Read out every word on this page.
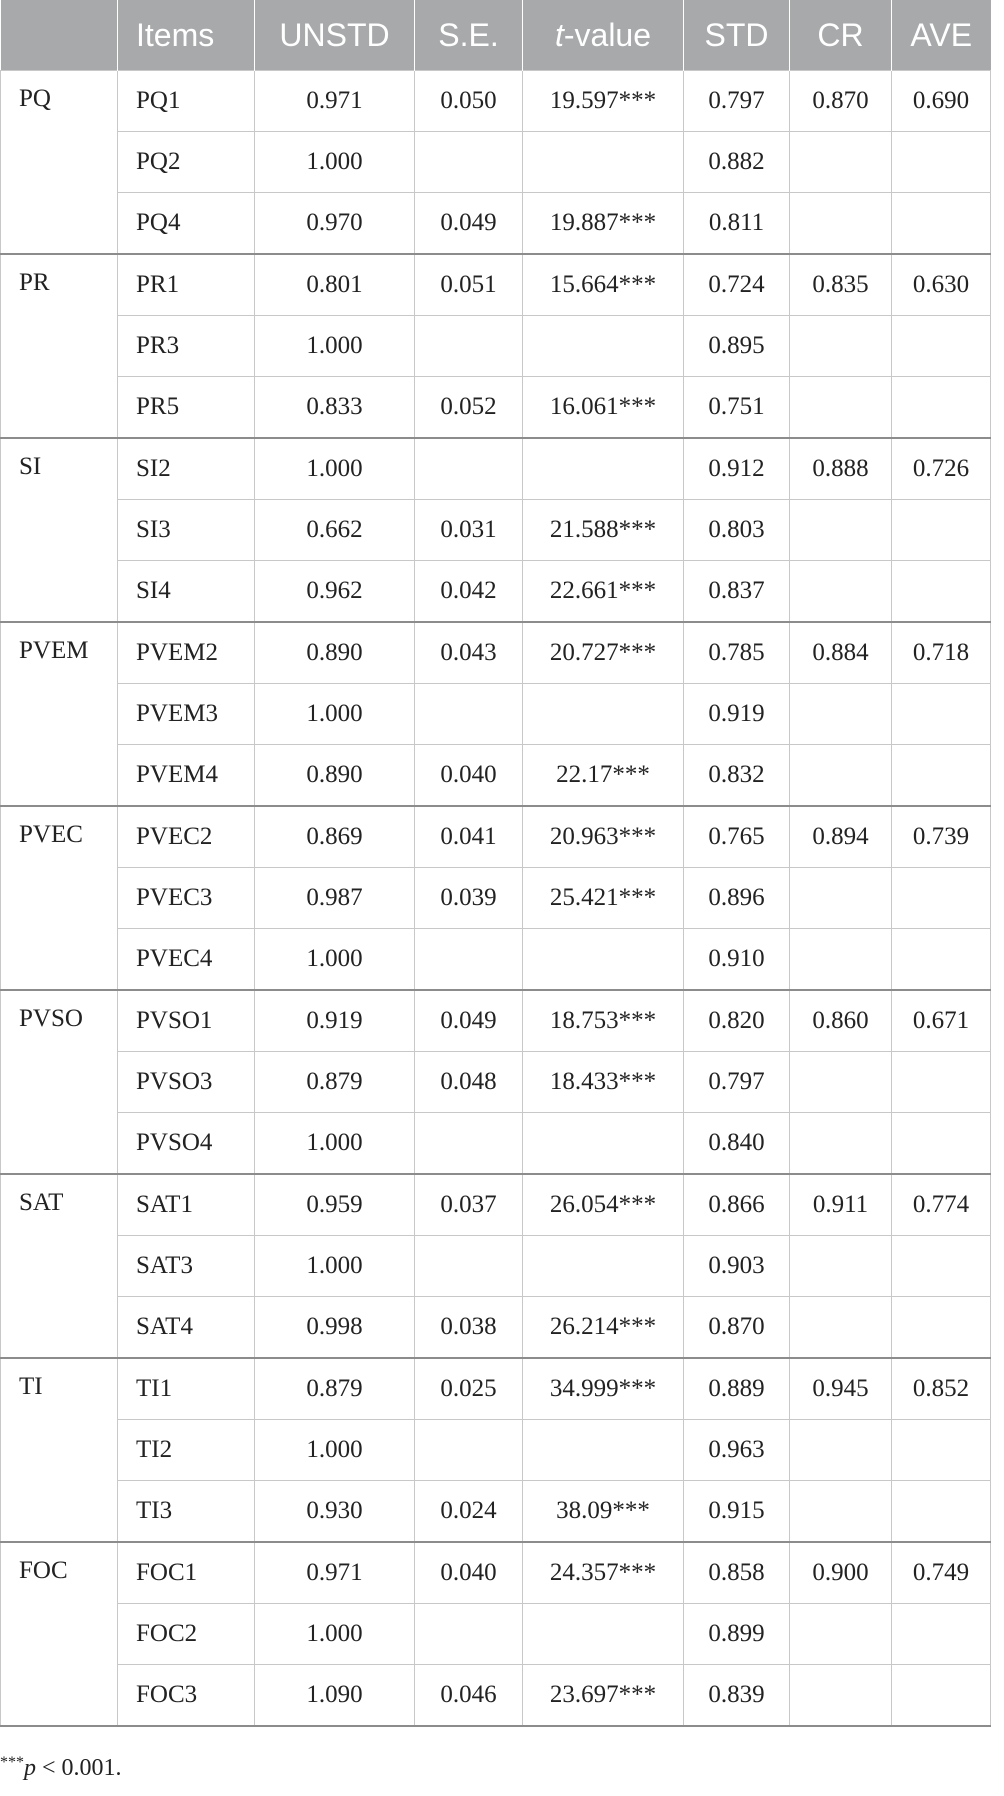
	Items	UNSTD	S.E.	t-value	STD	CR	AVE
PQ	PQ1	0.971	0.050	19.597***	0.797	0.870	0.690
	PQ2	1.000			0.882		
	PQ4	0.970	0.049	19.887***	0.811		
PR	PR1	0.801	0.051	15.664***	0.724	0.835	0.630
	PR3	1.000			0.895		
	PR5	0.833	0.052	16.061***	0.751		
SI	SI2	1.000			0.912	0.888	0.726
	SI3	0.662	0.031	21.588***	0.803		
	SI4	0.962	0.042	22.661***	0.837		
PVEM	PVEM2	0.890	0.043	20.727***	0.785	0.884	0.718
	PVEM3	1.000			0.919		
	PVEM4	0.890	0.040	22.17***	0.832		
PVEC	PVEC2	0.869	0.041	20.963***	0.765	0.894	0.739
	PVEC3	0.987	0.039	25.421***	0.896		
	PVEC4	1.000			0.910		
PVSO	PVSO1	0.919	0.049	18.753***	0.820	0.860	0.671
	PVSO3	0.879	0.048	18.433***	0.797		
	PVSO4	1.000			0.840		
SAT	SAT1	0.959	0.037	26.054***	0.866	0.911	0.774
	SAT3	1.000			0.903		
	SAT4	0.998	0.038	26.214***	0.870		
TI	TI1	0.879	0.025	34.999***	0.889	0.945	0.852
	TI2	1.000			0.963		
	TI3	0.930	0.024	38.09***	0.915		
FOC	FOC1	0.971	0.040	24.357***	0.858	0.900	0.749
	FOC2	1.000			0.899		
	FOC3	1.090	0.046	23.697***	0.839		
***p < 0.001.
